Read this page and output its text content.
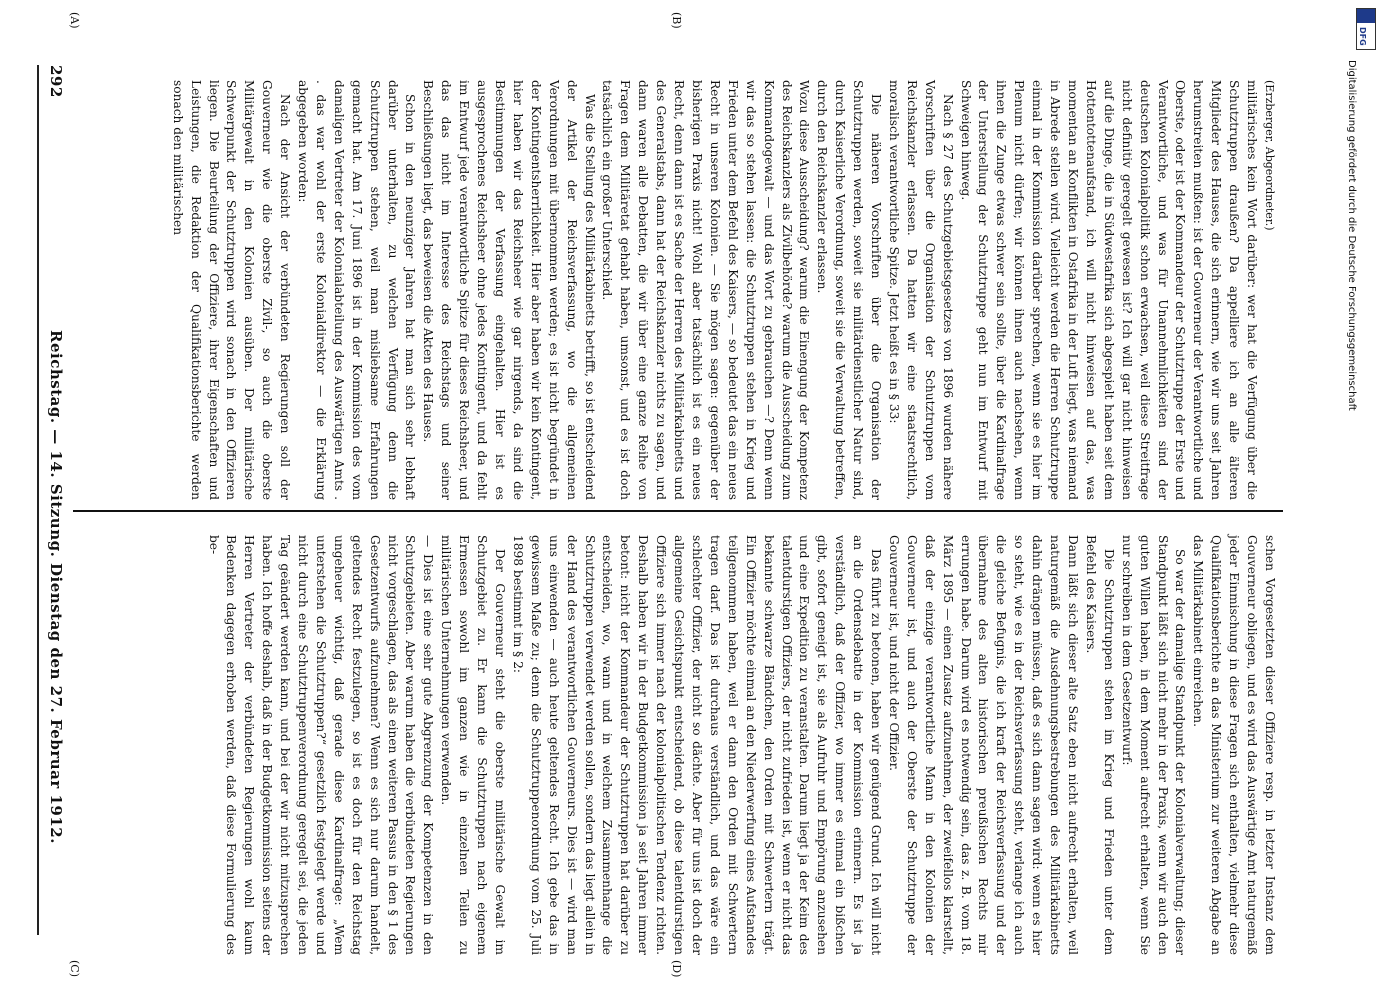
292
Reichstag. — 14. Sitzung. Dienstag den 27. Februar 1912.
(A)	(B)
(C)	(D)

(Erzberger, Abgeordneter.)

militärisches kein Wort darüber: wer hat die Verfügung über die Schutztruppen draußen? Da appelliere ich an alle älteren Mitglieder des Hauses, die sich erinnern, wie wir uns seit Jahren herumstreiten mußten: ist der Gouverneur der Verantwortliche und Oberste, oder ist der Kommandeur der Schutztruppe der Erste und Verantwortliche, und was für Unannehmlichkeiten sind der deutschen Kolonialpolitik schon erwachsen, weil diese Streitfrage nicht definitiv geregelt gewesen ist? Ich will gar nicht hinweisen auf die Dinge, die in Südwestafrika sich abgespielt haben seit dem Hottentottenaufstand, ich will nicht hinweisen auf das, was momentan an Konflikten in Ostafrika in der Luft liegt, was niemand in Abrede stellen wird. Vielleicht werden die Herren Schutztruppe einmal in der Kommission darüber sprechen, wenn sie es hier im Plenum nicht dürfen; wir können ihnen auch nachsehen, wenn ihnen die Zunge etwas schwer sein sollte, über die Kardinalfrage der Unterstellung der Schutztruppe geht nun im Entwurf mit Schweigen hinweg.

Nach § 27 des Schutzgebietsgesetzes von 1896 wurden nähere Vorschriften über die Organisation der Schutztruppen vom Reichskanzler erlassen. Da hatten wir eine staatsrechtlich, moralisch verantwortliche Spitze. Jetzt heißt es in § 33:

Die näheren Vorschriften über die Organisation der Schutztruppen werden, soweit sie militärdienstlicher Natur sind, durch Kaiserliche Verordnung, soweit sie die Verwaltung betreffen, durch den Reichskanzler erlassen.

Wozu diese Ausscheidung? warum die Einengung der Kompetenz des Reichskanzlers als Zivilbehörde? warum die Ausscheidung zum Kommandogewalt — und das Wort zu gebrauchen —? Denn wenn wir das so stehen lassen: die Schutztruppen stehen in Krieg und Frieden unter dem Befehl des Kaisers, — so bedeutet das ein neues Recht in unseren Kolonien. — Sie mögen sagen: gegenüber der bisherigen Praxis nicht! Wohl aber tatsächlich ist es ein neues Recht, denn dann ist es Sache der Herren des Militärkabinetts und des Generalstabs, dann hat der Reichskanzler nichts zu sagen, und dann waren alle Debatten, die wir über eine ganze Reihe von Fragen dem Militäretat gehabt haben, umsonst, und es ist doch tatsächlich ein großer Unterschied.

Was die Stellung des Militärkabinetts betrifft, so ist entscheidend der Artikel der Reichsverfassung, wo die allgemeinen Verordnungen mit übernommen werden; es ist nicht begründet in der Kontingentsherrlichkeit. Hier aber haben wir kein Kontingent, hier haben wir das Reichsheer wie gar nirgends, da sind die Bestimmungen der Verfassung eingehalten. Hier ist es ausgesprochenes Reichsheer ohne jedes Kontingent, und da fehlt im Entwurf jede verantwortliche Spitze für dieses Reichsheer, und das das nicht im Interesse des Reichstags und seiner Beschließungen liegt, das beweisen die Akten des Hauses.

Schon in den neunziger Jahren hat man sich sehr lebhaft darüber unterhalten, zu welchen Verfügung denn die Schutztruppen stehen, weil man misliebsame Erfahrungen gemacht hat. Am 17. Juni 1896 ist in der Kommission des vom damaligen Vertreter der Kolonialabteilung des Auswärtigen Amts . . das war wohl der erste Kolonialdirektor — die Erklärung abgegeben worden:

Nach der Ansicht der verbündeten Regierungen soll der Gouverneur wie die oberste Zivil-, so auch die oberste Militärgewalt in den Kolonien ausüben. Der militärische Schwerpunkt der Schutztruppen wird sonach in den Offizieren liegen. Die Beurteilung der Offiziere, ihrer Eigenschaften und Leistungen, die Redaktion der Qualifikationsberichte werden sonach den militärischen

schen Vorgesetzten dieser Offiziere resp. in letzter Instanz dem Gouverneur obliegen, und es wird das Auswärtige Amt naturgemäß jeder Einmischung in diese Fragen sich enthalten, vielmehr diese Qualifikationsberichte an das Ministerium zur weiteren Abgabe an das Militärkabinett einreichen.

So war der damalige Standpunkt der Kolonialverwaltung; dieser Standpunkt läßt sich nicht mehr in der Praxis, wenn wir auch den guten Willen haben, in dem Moment aufrecht erhalten, wenn Sie nur schreiben in dem Gesetzentwurf:

Die Schutztruppen stehen im Krieg und Frieden unter dem Befehl des Kaisers.

Dann läßt sich dieser alte Satz eben nicht aufrecht erhalten, weil naturgemäß die Ausdehnungsbestrebungen des Militärkabinetts dahin drängen müssen, daß es sich dann sagen wird: wenn es hier so steht, wie es in der Reichsverfassung steht, verlange ich auch die gleiche Befugnis, die ich kraft der Reichsverfassung und der übernahme des alten historischen preußischen Rechts mir errungen habe. Darum wird es notwendig sein, das z. B. vom 18. März 1895 — einen Zusatz aufzunehmen, der zweifellos klarstellt, daß der einzige verantwortliche Mann in den Kolonien der Gouverneur ist, und auch der Oberste der Schutztruppe der Gouverneur ist, und nicht der Offizier.

Das führt zu betonen, haben wir genügend Grund. Ich will nicht an die Ordensdebatte in der Kommission erinnern. Es ist ja verständlich, daß der Offizier, wo immer es einmal ein bißchen gibt, sofort geneigt ist, sie als Aufruhr und Empörung anzusehen und eine Expedition zu veranstalten. Darum liegt ja der Keim des talentdurstigen Offiziers, der nicht zufrieden ist, wenn er nicht das bekannte schwarze Bändchen, den Orden mit Schwertern trägt. Ein Offizier möchte einmal an den Niederwerfung eines Aufstandes teilgenommen haben, weil er dann den Orden mit Schwertern tragen darf. Das ist durchaus verständlich, und das wäre ein schlechter Offizier, der nicht so dächte. Aber für uns ist doch der allgemeine Gesichtspunkt entscheidend, ob diese talentdurstigen Offiziere sich immer nach der kolonialpolitischen Tendenz richten. Deshalb haben wir in der Budgetkommission ja seit Jahren immer betont: nicht der Kommandeur der Schutztruppen hat darüber zu entscheiden, wo, wann und in welchem Zusammenhange die Schutztruppen verwendet werden sollen, sondern das liegt allein in der Hand des verantwortlichen Gouverneurs. Dies ist — wird man uns einwenden — auch heute geltendes Recht. Ich gebe das in gewissem Maße zu; denn die Schutztruppenordnung vom 25. Juli 1898 bestimmt im § 2:

Der Gouverneur steht die oberste militärische Gewalt im Schutzgebiet zu. Er kann die Schutztruppen nach eigenem Ermessen sowohl im ganzen wie in einzelnen Teilen zu militärischen Unternehmungen verwenden.

— Dies ist eine sehr gute Abgrenzung der Kompetenzen in den Schutzgebieten. Aber warum haben die verbündeten Regierungen nicht vorgeschlagen, das als einen weiteren Passus in den § 1 des Gesetzentwurfs aufzunehmen? Wenn es sich nur darum handelt, geltendes Recht festzulegen, so ist es doch für den Reichstag ungeheuer wichtig, daß gerade diese Kardinalfrage: „Wem unterstehen die Schutztruppen?“ gesetzlich festgelegt werde und nicht durch eine Schutztruppenverordnung geregelt sei, die jeden Tag geändert werden kann, und bei der wir nicht mitzusprechen haben. Ich hoffe deshalb, daß in der Budgetkommission seitens der Herren Vertreter der verbündeten Regierungen wohl kaum Bedenken dagegen erhoben werden, daß diese Formulierung des be-

DFG
Digitalisierung gefördert durch die Deutsche Forschungsgemeinschaft
